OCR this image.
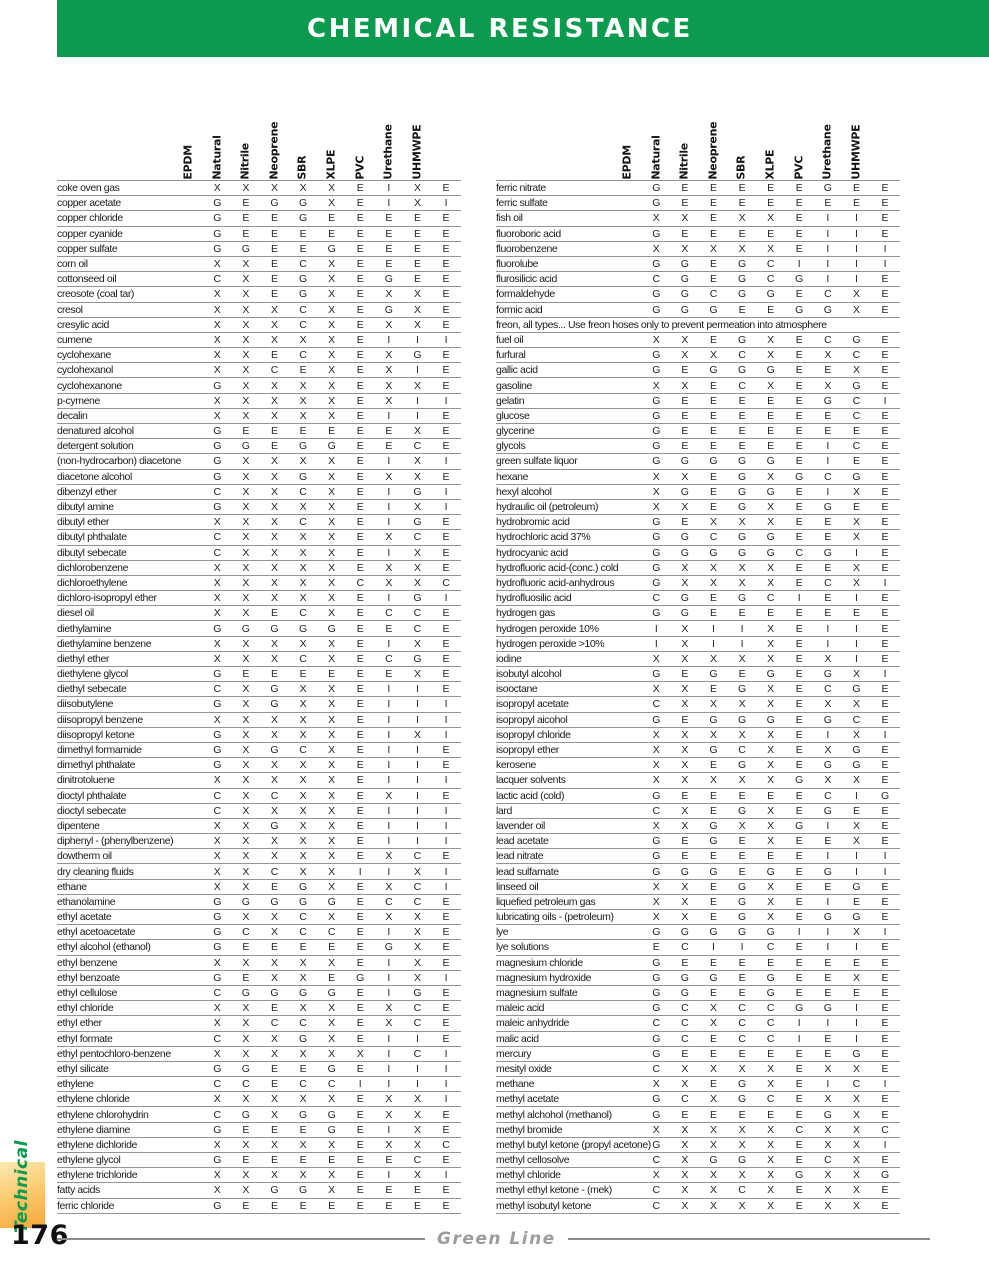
CHEMICAL RESISTANCE
EPDM	Natural	Nitrile	Neoprene	SBR	XLPE	PVC	Urethane	UHMWPE
coke oven gas	X	X	X	X	X	E	I	X	E
copper acetate	G	E	G	G	X	E	I	X	I
copper chloride	G	E	E	G	E	E	E	E	E
copper cyanide	G	E	E	E	E	E	E	E	E
copper sulfate	G	G	E	E	G	E	E	E	E
corn oil	X	X	E	C	X	E	E	E	E
cottonseed oil	C	X	E	G	X	E	G	E	E
creosote (coal tar)	X	X	E	G	X	E	X	X	E
cresol	X	X	X	C	X	E	G	X	E
cresylic acid	X	X	X	C	X	E	X	X	E
cumene	X	X	X	X	X	E	I	I	I
cyclohexane	X	X	E	C	X	E	X	G	E
cyclohexanol	X	X	C	E	X	E	X	I	E
cyclohexanone	G	X	X	X	X	E	X	X	E
p-cymene	X	X	X	X	X	E	X	I	I
decalin	X	X	X	X	X	E	I	I	E
denatured alcohol	G	E	E	E	E	E	E	X	E
detergent solution	G	G	E	G	G	E	E	C	E
(non-hydrocarbon) diacetone	G	X	X	X	X	E	I	X	I
diacetone alcohol	G	X	X	G	X	E	X	X	E
dibenzyl ether	C	X	X	C	X	E	I	G	I
dibutyl amine	G	X	X	X	X	E	I	X	I
dibutyl ether	X	X	X	C	X	E	I	G	E
dibutyl phthalate	C	X	X	X	X	E	X	C	E
dibutyl sebecate	C	X	X	X	X	E	I	X	E
dichlorobenzene	X	X	X	X	X	E	X	X	E
dichloroethylene	X	X	X	X	X	C	X	X	C
dichloro-isopropyl ether	X	X	X	X	X	E	I	G	I
diesel oil	X	X	E	C	X	E	C	C	E
diethylamine	G	G	G	G	G	E	E	C	E
diethylamine benzene	X	X	X	X	X	E	I	X	E
diethyl ether	X	X	X	C	X	E	C	G	E
diethylene glycol	G	E	E	E	E	E	E	X	E
diethyl sebecate	C	X	G	X	X	E	I	I	E
diisobutylene	G	X	G	X	X	E	I	I	I
diisopropyl benzene	X	X	X	X	X	E	I	I	I
diisopropyl ketone	G	X	X	X	X	E	I	X	I
dimethyl formamide	G	X	G	C	X	E	I	I	E
dimethyl phthalate	G	X	X	X	X	E	I	I	E
dinitrotoluene	X	X	X	X	X	E	I	I	I
dioctyl phthalate	C	X	C	X	X	E	X	I	E
dioctyl sebecate	C	X	X	X	X	E	I	I	I
dipentene	X	X	G	X	X	E	I	I	I
diphenyl - (phenylbenzene)	X	X	X	X	X	E	I	I	I
dowtherm oil	X	X	X	X	X	E	X	C	E
dry cleaning fluids	X	X	C	X	X	I	I	X	I
ethane	X	X	E	G	X	E	X	C	I
ethanolamine	G	G	G	G	G	E	C	C	E
ethyl acetate	G	X	X	C	X	E	X	X	E
ethyl acetoacetate	G	C	X	C	C	E	I	X	E
ethyl alcohol (ethanol)	G	E	E	E	E	E	G	X	E
ethyl benzene	X	X	X	X	X	E	I	X	E
ethyl benzoate	G	E	X	X	E	G	I	X	I
ethyl cellulose	C	G	G	G	G	E	I	G	E
ethyl chloride	X	X	E	X	X	E	X	C	E
ethyl ether	X	X	C	C	X	E	X	C	E
ethyl formate	C	X	X	G	X	E	I	I	E
ethyl pentochloro-benzene	X	X	X	X	X	X	I	C	I
ethyl silicate	G	G	E	E	G	E	I	I	I
ethylene	C	C	E	C	C	I	I	I	I
ethylene chloride	X	X	X	X	X	E	X	X	I
ethylene chlorohydrin	C	G	X	G	G	E	X	X	E
ethylene diamine	G	E	E	E	G	E	I	X	E
ethylene dichloride	X	X	X	X	X	E	X	X	C
ethylene glycol	G	E	E	E	E	E	E	C	E
ethylene trichloride	X	X	X	X	X	E	I	X	I
fatty acids	X	X	G	G	X	E	E	E	E
ferric chloride	G	E	E	E	E	E	E	E	E
EPDM	Natural	Nitrile	Neoprene	SBR	XLPE	PVC	Urethane	UHMWPE
ferric nitrate	G	E	E	E	E	E	G	E	E
ferric sulfate	G	E	E	E	E	E	E	E	E
fish oil	X	X	E	X	X	E	I	I	E
fluoroboric acid	G	E	E	E	E	E	I	I	E
fluorobenzene	X	X	X	X	X	E	I	I	I
fluorolube	G	G	E	G	C	I	I	I	I
flurosilicic acid	C	G	E	G	C	G	I	I	E
formaldehyde	G	G	C	G	G	E	C	X	E
formic acid	G	G	G	E	E	G	G	X	E
freon, all types... Use freon hoses only to prevent permeation into atmosphere
fuel oil	X	X	E	G	X	E	C	G	E
furfural	G	X	X	C	X	E	X	C	E
gallic acid	G	E	G	G	G	E	E	X	E
gasoline	X	X	E	C	X	E	X	G	E
gelatin	G	E	E	E	E	E	G	C	I
glucose	G	E	E	E	E	E	E	C	E
glycerine	G	E	E	E	E	E	E	E	E
glycols	G	E	E	E	E	E	I	C	E
green sulfate liquor	G	G	G	G	G	E	I	E	E
hexane	X	X	E	G	X	G	C	G	E
hexyl alcohol	X	G	E	G	G	E	I	X	E
hydraulic oil (petroleum)	X	X	E	G	X	E	G	E	E
hydrobromic acid	G	E	X	X	X	E	E	X	E
hydrochloric acid 37%	G	G	C	G	G	E	E	X	E
hydrocyanic acid	G	G	G	G	G	C	G	I	E
hydrofluoric acid-(conc.) cold	G	X	X	X	X	E	E	X	E
hydrofluoric acid-anhydrous	G	X	X	X	X	E	C	X	I
hydrofluosilic acid	C	G	E	G	C	I	E	I	E
hydrogen gas	G	G	E	E	E	E	E	E	E
hydrogen peroxide 10%	I	X	I	I	X	E	I	I	E
hydrogen peroxide >10%	I	X	I	I	X	E	I	I	E
iodine	X	X	X	X	X	E	X	I	E
isobutyl alcohol	G	E	G	E	G	E	G	X	I
isooctane	X	X	E	G	X	E	C	G	E
isopropyl acetate	C	X	X	X	X	E	X	X	E
isopropyl aicohol	G	E	G	G	G	E	G	C	E
isopropyl chloride	X	X	X	X	X	E	I	X	I
isopropyl ether	X	X	G	C	X	E	X	G	E
kerosene	X	X	E	G	X	E	G	G	E
lacquer solvents	X	X	X	X	X	G	X	X	E
lactic acid (cold)	G	E	E	E	E	E	C	I	G
lard	C	X	E	G	X	E	G	E	E
lavender oil	X	X	G	X	X	G	I	X	E
lead acetate	G	E	G	E	X	E	E	X	E
lead nitrate	G	E	E	E	E	E	I	I	I
lead sulfamate	G	G	G	E	G	E	G	I	I
linseed oil	X	X	E	G	X	E	E	G	E
liquefied petroleum gas	X	X	E	G	X	E	I	E	E
lubricating oils - (petroleum)	X	X	E	G	X	E	G	G	E
lye	G	G	G	G	G	I	I	X	I
lye solutions	E	C	I	I	C	E	I	I	E
magnesium chloride	G	E	E	E	E	E	E	E	E
magnesium hydroxide	G	G	G	E	G	E	E	X	E
magnesium sulfate	G	G	E	E	G	E	E	E	E
maleic acid	G	C	X	C	C	G	G	I	E
maleic anhydride	C	C	X	C	C	I	I	I	E
malic acid	G	C	E	C	C	I	E	I	E
mercury	G	E	E	E	E	E	E	G	E
mesityl oxide	C	X	X	X	X	E	X	X	E
methane	X	X	E	G	X	E	I	C	I
methyl acetate	G	C	X	G	C	E	X	X	E
methyl alchohol (methanol)	G	E	E	E	E	E	G	X	E
methyl bromide	X	X	X	X	X	C	X	X	C
methyl butyl ketone (propyl acetone) G	X	X	X	X	E	X	X	I
methyl cellosolve	C	X	G	G	X	E	C	X	E
methyl chloride	X	X	X	X	X	G	X	X	G
methyl ethyl ketone - (mek)	C	X	X	C	X	E	X	X	E
methyl isobutyl ketone	C	X	X	X	X	E	X	X	E
Technical
176	Green Line
